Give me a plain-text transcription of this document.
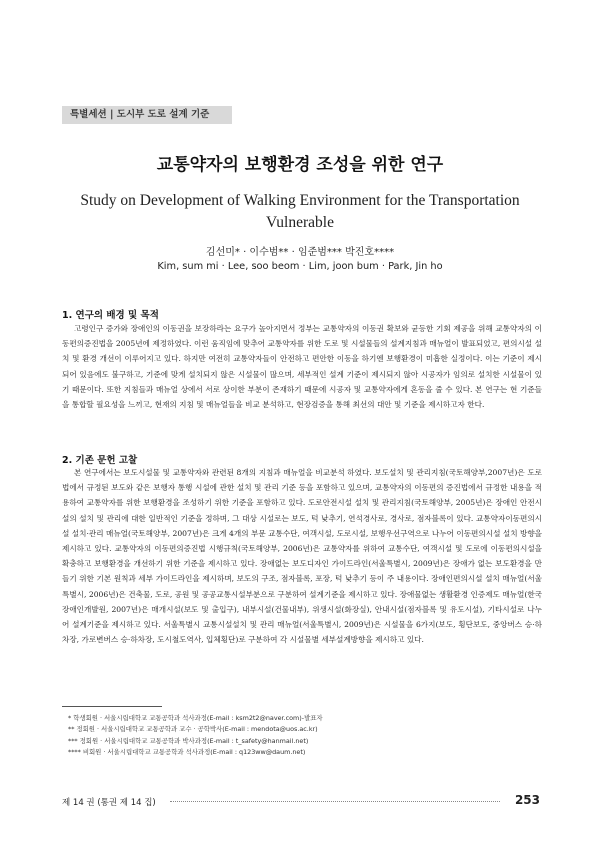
특별세션 | 도시부 도로 설계 기준
교통약자의 보행환경 조성을 위한 연구
Study on Development of Walking Environment for the Transportation Vulnerable
김선미* · 이수범** · 임준범*** 박진호****
Kim, sum mi · Lee, soo beom · Lim, joon bum · Park, Jin ho
1. 연구의 배경 및 목적

고령인구 증가와 장애인의 이동권을 보장하라는 요구가 높아지면서 정부는 교통약자의 이동권 확보와 균등한 기회 제공을 위해 교통약자의 이동편의증진법을 2005년에 제정하였다. 이런 움직임에 맞추어 교통약자를 위한 도로 및 시설물들의 설계지침과 매뉴얼이 발표되었고, 편의시설 설치 및 환경 개선이 이루어지고 있다. 하지만 여전히 교통약자들이 안전하고 편안한 이동을 하기엔 보행환경이 미흡한 실정이다. 이는 기준이 제시되어 있음에도 불구하고, 기준에 맞게 설치되지 않은 시설물이 많으며, 세부적인 설계 기준이 제시되지 않아 시공자가 임의로 설치한 시설물이 있기 때문이다. 또한 지침들과 매뉴얼 상에서 서로 상이한 부분이 존재하기 때문에 시공자 및 교통약자에게 혼동을 줄 수 있다. 본 연구는 현 기준들을 통합할 필요성을 느끼고, 현재의 지침 및 매뉴얼들을 비교 분석하고, 현장검증을 통해 최선의 대안 및 기준을 제시하고자 한다.

2. 기존 문헌 고찰

본 연구에서는 보도시설물 및 교통약자와 관련된 8개의 지침과 매뉴얼을 비교분석 하였다. 보도설치 및 관리지침(국토해양부,2007년)은 도로법에서 규정된 보도와 같은 보행자 통행 시설에 관한 설치 및 관리 기준 등을 포함하고 있으며, 교통약자의 이동편의 증진법에서 규정한 내용을 적용하여 교통약자를 위한 보행환경을 조성하기 위한 기준을 포함하고 있다. 도로안전시설 설치 및 관리지침(국토해양부, 2005년)은 장애인 안전시설의 설치 및 관리에 대한 일반적인 기준을 정하며, 그 대상 시설로는 보도, 턱 낮추기, 연석경사로, 경사로, 점자블록이 있다. 교통약자이동편의시설 설치·관리 매뉴얼(국토해양부, 2007년)은 크게 4개의 부문 교통수단, 여객시설, 도로시설, 보행우선구역으로 나누어 이동편의시설 설치 방향을 제시하고 있다. 교통약자의 이동편의증진법 시행규칙(국토해양부, 2006년)은 교통약자를 위하여 교통수단, 여객시설 및 도로에 이동편의시설을 확충하고 보행환경을 개선하기 위한 기준을 제시하고 있다. 장애없는 보도디자인 가이드라인(서울특별시, 2009년)은 장애가 없는 보도환경을 만들기 위한 기본 원칙과 세부 가이드라인을 제시하며, 보도의 구조, 점자블록, 포장, 턱 낮추기 등이 주 내용이다. 장애인편의시설 설치 매뉴얼(서울특별시, 2006년)은 건축물, 도로, 공원 및 공공교통시설부분으로 구분하여 설계기준을 제시하고 있다. 장애물없는 생활환경 인증제도 매뉴얼(한국장애인개발원, 2007년)은 매개시설(보도 및 출입구), 내부시설(건물내부), 위생시설(화장실), 안내시설(점자블록 및 유도시설), 기타시설로 나누어 설계기준을 제시하고 있다. 서울특별시 교통시설설치 및 관리 매뉴얼(서울특별시, 2009년)은 시설물을 6가지(보도, 횡단보도, 중앙버스 승·하차장, 가로변버스 승·하차장, 도시철도역사, 입체횡단)로 구분하여 각 시설물별 세부설계방향을 제시하고 있다.

* 학생회원 · 서울시립대학교 교통공학과 석사과정(E-mail : ksm2t2@naver.com)-발표자
** 정회원 · 서울시립대학교 교통공학과 교수 · 공학박사(E-mail : mendota@uos.ac.kr)
*** 정회원 · 서울시립대학교 교통공학과 박사과정(E-mail : t_safety@hanmail.net)
**** 비회원 · 서울시립대학교 교통공학과 석사과정(E-mail : q123ww@daum.net)
제 14 권 (통권 제 14 집)	253
